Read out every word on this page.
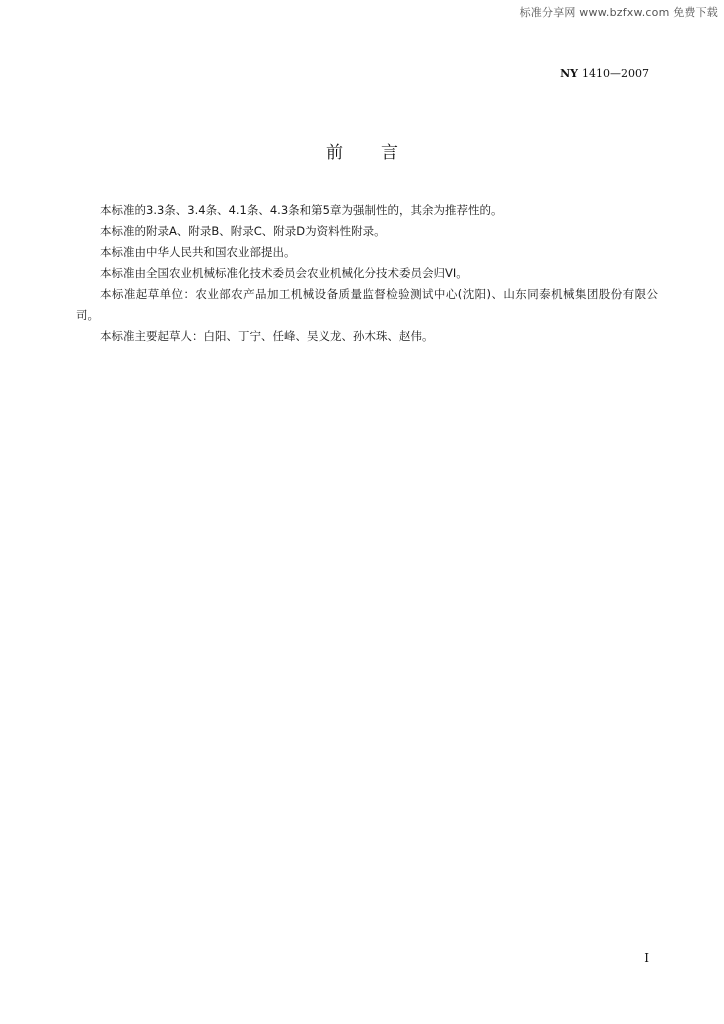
标准分享网 www.bzfxw.com 免费下载
NY 1410—2007
前言

本标准的3.3条、3.4条、4.1条、4.3条和第5章为强制性的，其余为推荐性的。

本标准的附录A、附录B、附录C、附录D为资料性附录。

本标准由中华人民共和国农业部提出。

本标准由全国农业机械标准化技术委员会农业机械化分技术委员会归VI。

本标准起草单位：农业部农产品加工机械设备质量监督检验测试中心(沈阳)、山东同泰机械集团股份有限公司。

本标准主要起草人：白阳、丁宁、任峰、吴义龙、孙木珠、赵伟。

I
